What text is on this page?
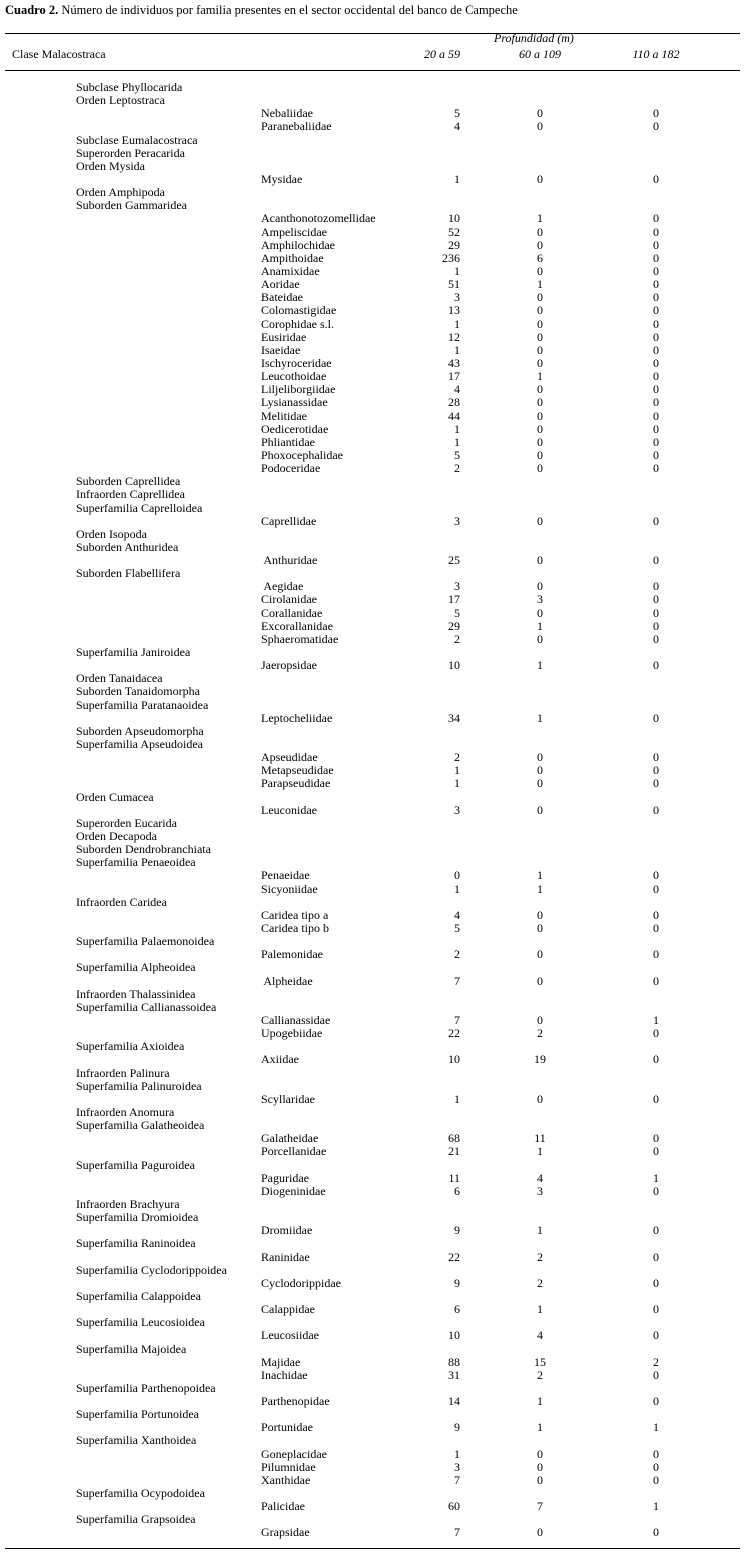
Cuadro 2. Número de individuos por familia presentes en el sector occidental del banco de Campeche
Profundidad (m)
Clase Malacostraca	20 a 59	60 a 109	110 a 182
Subclase Phyllocarida
Orden Leptostraca
Nebaliidae	5	0	0
Paranebaliidae	4	0	0
Subclase Eumalacostraca
Superorden Peracarida
Orden Mysida
Mysidae	1	0	0
Orden Amphipoda
Suborden Gammaridea
Acanthonotozomellidae	10	1	0
Ampeliscidae	52	0	0
Amphilochidae	29	0	0
Ampithoidae	236	6	0
Anamixidae	1	0	0
Aoridae	51	1	0
Bateidae	3	0	0
Colomastigidae	13	0	0
Corophidae s.l.	1	0	0
Eusiridae	12	0	0
Isaeidae	1	0	0
Ischyroceridae	43	0	0
Leucothoidae	17	1	0
Liljeliborgiidae	4	0	0
Lysianassidae	28	0	0
Melitidae	44	0	0
Oedicerotidae	1	0	0
Phliantidae	1	0	0
Phoxocephalidae	5	0	0
Podoceridae	2	0	0
Suborden Caprellidea
Infraorden Caprellidea
Superfamilia Caprelloidea
Caprellidae	3	0	0
Orden Isopoda
Suborden Anthuridea
Anthuridae	25	0	0
Suborden Flabellifera
Aegidae	3	0	0
Cirolanidae	17	3	0
Corallanidae	5	0	0
Excorallanidae	29	1	0
Sphaeromatidae	2	0	0
Superfamilia Janiroidea
Jaeropsidae	10	1	0
Orden Tanaidacea
Suborden Tanaidomorpha
Superfamilia Paratanaoidea
Leptocheliidae	34	1	0
Suborden Apseudomorpha
Superfamilia Apseudoidea
Apseudidae	2	0	0
Metapseudidae	1	0	0
Parapseudidae	1	0	0
Orden Cumacea
Leuconidae	3	0	0
Superorden Eucarida
Orden Decapoda
Suborden Dendrobranchiata
Superfamilia Penaeoidea
Penaeidae	0	1	0
Sicyoniidae	1	1	0
Infraorden Caridea
Caridea tipo a	4	0	0
Caridea tipo b	5	0	0
Superfamilia Palaemonoidea
Palemonidae	2	0	0
Superfamilia Alpheoidea
Alpheidae	7	0	0
Infraorden Thalassinidea
Superfamilia Callianassoidea
Callianassidae	7	0	1
Upogebiidae	22	2	0
Superfamilia Axioidea
Axiidae	10	19	0
Infraorden Palinura
Superfamilia Palinuroidea
Scyllaridae	1	0	0
Infraorden Anomura
Superfamilia Galatheoidea
Galatheidae	68	11	0
Porcellanidae	21	1	0
Superfamilia Paguroidea
Paguridae	11	4	1
Diogeninidae	6	3	0
Infraorden Brachyura
Superfamilia Dromioidea
Dromiidae	9	1	0
Superfamilia Raninoidea
Raninidae	22	2	0
Superfamilia Cyclodorippoidea
Cyclodorippidae	9	2	0
Superfamilia Calappoidea
Calappidae	6	1	0
Superfamilia Leucosioidea
Leucosiidae	10	4	0
Superfamilia Majoidea
Majidae	88	15	2
Inachidae	31	2	0
Superfamilia Parthenopoidea
Parthenopidae	14	1	0
Superfamilia Portunoidea
Portunidae	9	1	1
Superfamilia Xanthoidea
Goneplacidae	1	0	0
Pilumnidae	3	0	0
Xanthidae	7	0	0
Superfamilia Ocypodoidea
Palicidae	60	7	1
Superfamilia Grapsoidea
Grapsidae	7	0	0
